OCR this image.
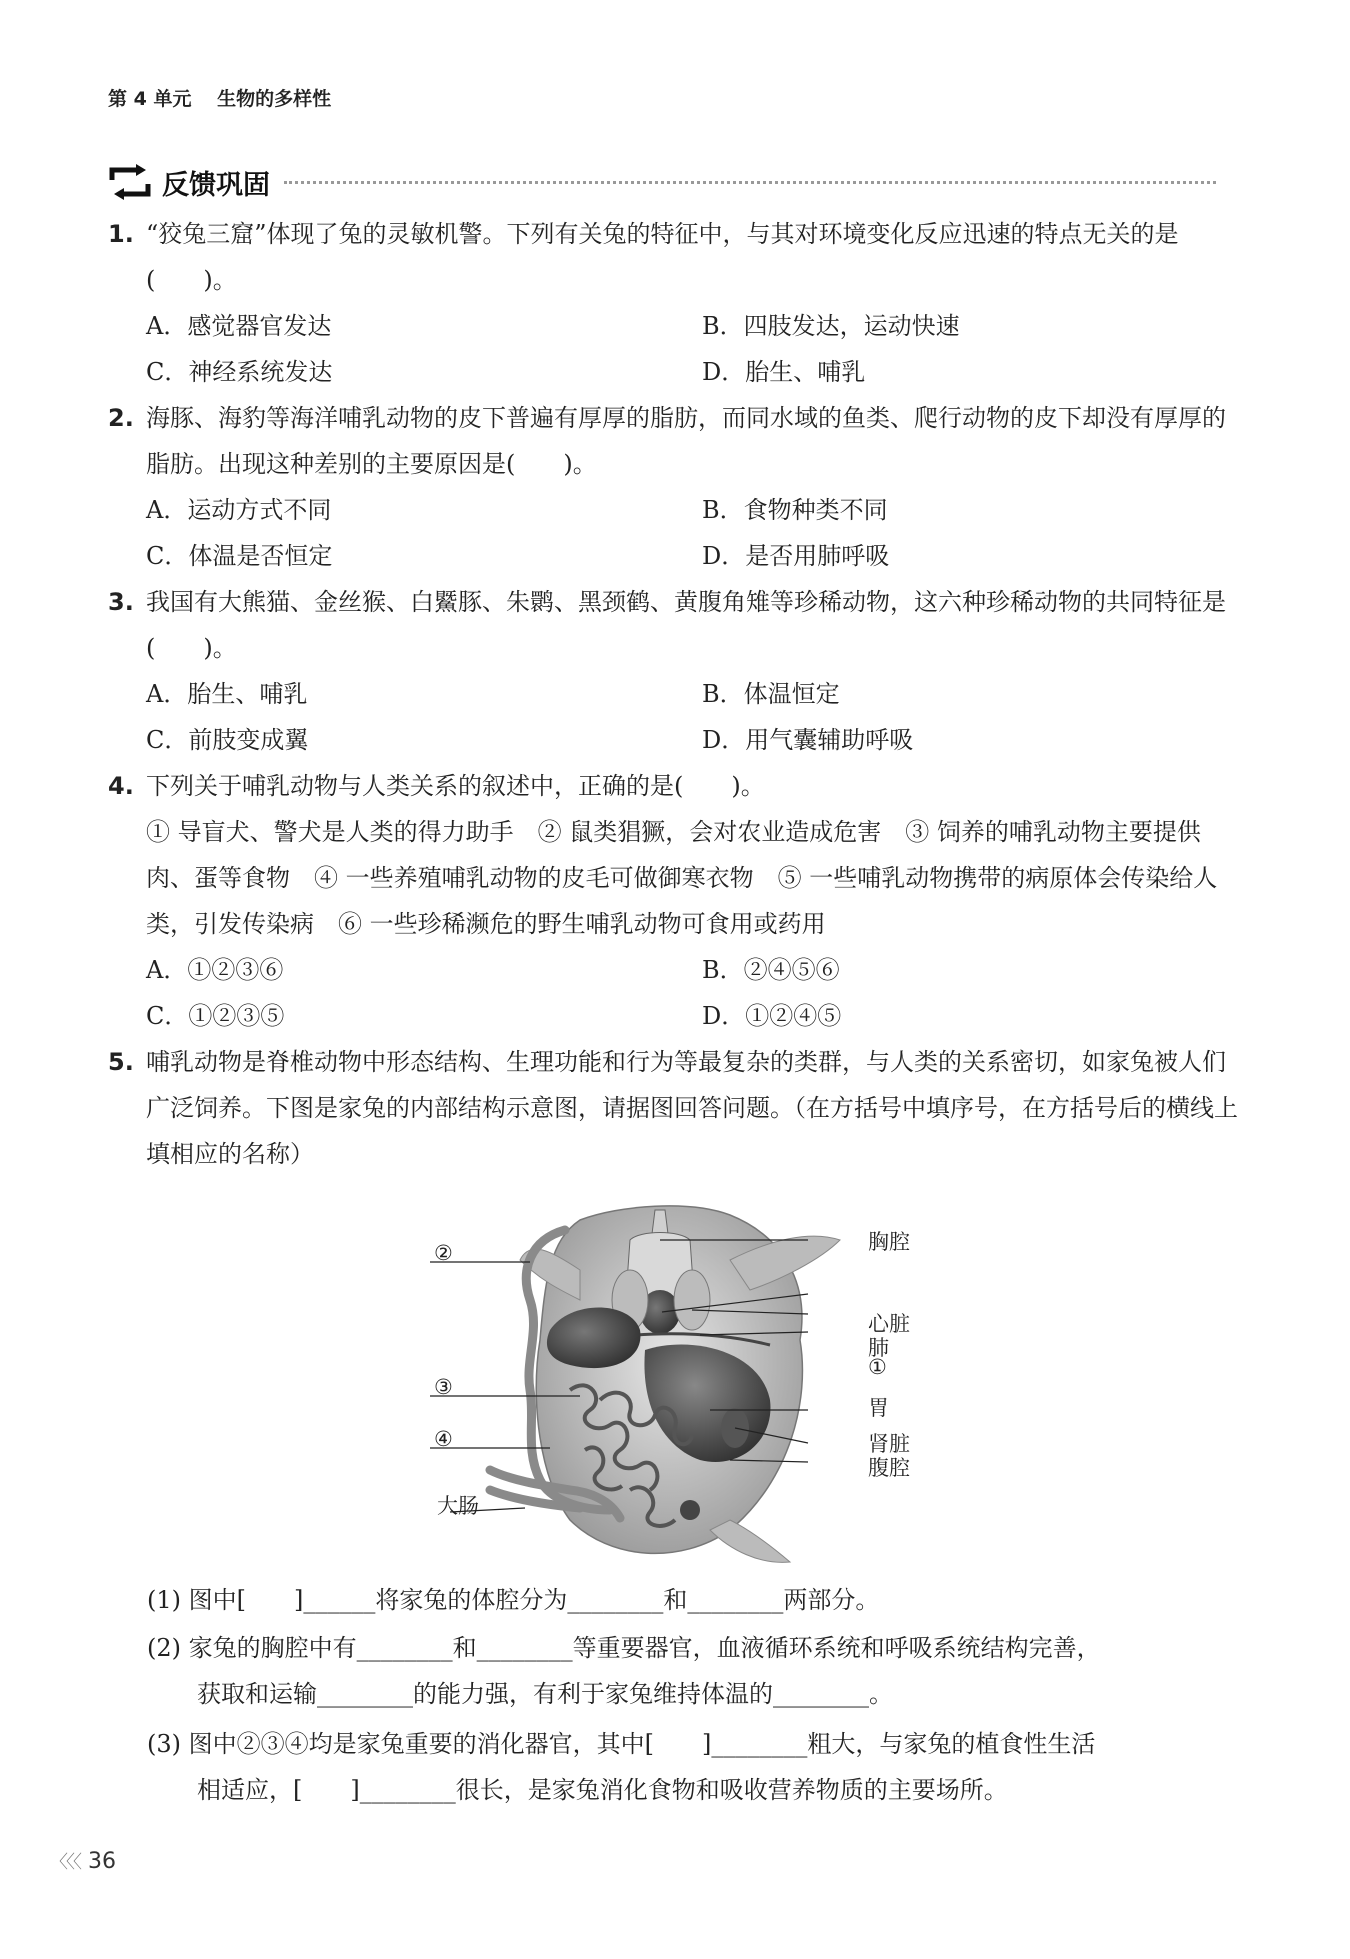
第 4 单元　 生物的多样性
反馈巩固
1. “狡兔三窟”体现了兔的灵敏机警。下列有关兔的特征中，与其对环境变化反应迅速的特点无关的是(　　)。
A．感觉器官发达	B．四肢发达，运动快速
C．神经系统发达	D．胎生、哺乳
2. 海豚、海豹等海洋哺乳动物的皮下普遍有厚厚的脂肪，而同水域的鱼类、爬行动物的皮下却没有厚厚的脂肪。出现这种差别的主要原因是(　　)。
A．运动方式不同	B．食物种类不同
C．体温是否恒定	D．是否用肺呼吸
3. 我国有大熊猫、金丝猴、白鱀豚、朱鹮、黑颈鹤、黄腹角雉等珍稀动物，这六种珍稀动物的共同特征是(　　)。
A．胎生、哺乳	B．体温恒定
C．前肢变成翼	D．用气囊辅助呼吸
4. 下列关于哺乳动物与人类关系的叙述中，正确的是(　　)。
① 导盲犬、警犬是人类的得力助手　② 鼠类猖獗，会对农业造成危害　③ 饲养的哺乳动物主要提供肉、蛋等食物　④ 一些养殖哺乳动物的皮毛可做御寒衣物　⑤ 一些哺乳动物携带的病原体会传染给人类，引发传染病　⑥ 一些珍稀濒危的野生哺乳动物可食用或药用
A．①②③⑥	B．②④⑤⑥
C．①②③⑤	D．①②④⑤
5. 哺乳动物是脊椎动物中形态结构、生理功能和行为等最复杂的类群，与人类的关系密切，如家兔被人们广泛饲养。下图是家兔的内部结构示意图，请据图回答问题。（在方括号中填序号，在方括号后的横线上填相应的名称）
②
③
④
大肠
胸腔
心脏
肺
①
胃
肾脏
腹腔
(1) 图中[　　]______将家兔的体腔分为________和________两部分。
(2) 家兔的胸腔中有________和________等重要器官，血液循环系统和呼吸系统结构完善，
获取和运输________的能力强，有利于家兔维持体温的________。
(3) 图中②③④均是家兔重要的消化器官，其中[　　]________粗大，与家兔的植食性生活
相适应，[　　]________很长，是家兔消化食物和吸收营养物质的主要场所。
〈〈〈 36
